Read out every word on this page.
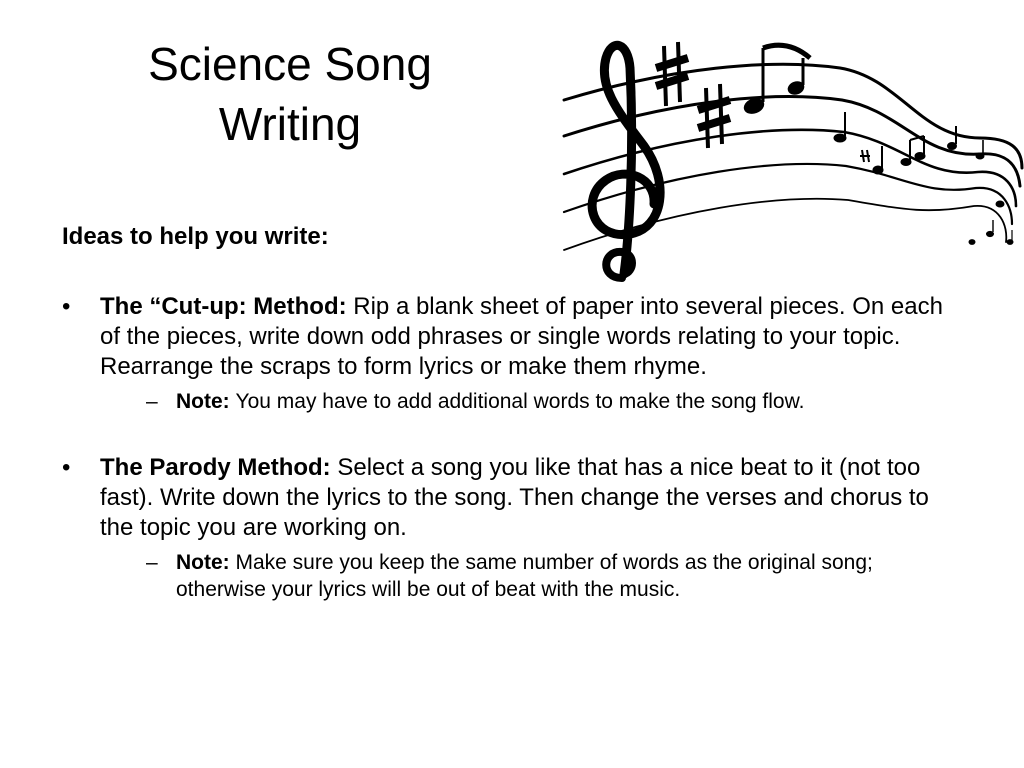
Science Song
Writing

Ideas to help you write:

•	The “Cut-up: Method: Rip a blank sheet of paper into several pieces. On each of the pieces, write down odd phrases or single words relating to your topic. Rearrange the scraps to form lyrics or make them rhyme.
– Note: You may have to add additional words to make the song flow.
•	The Parody Method: Select a song you like that has a nice beat to it (not too fast). Write down the lyrics to the song. Then change the verses and chorus to the topic you are working on.
– Note: Make sure you keep the same number of words as the original song; otherwise your lyrics will be out of beat with the music.
